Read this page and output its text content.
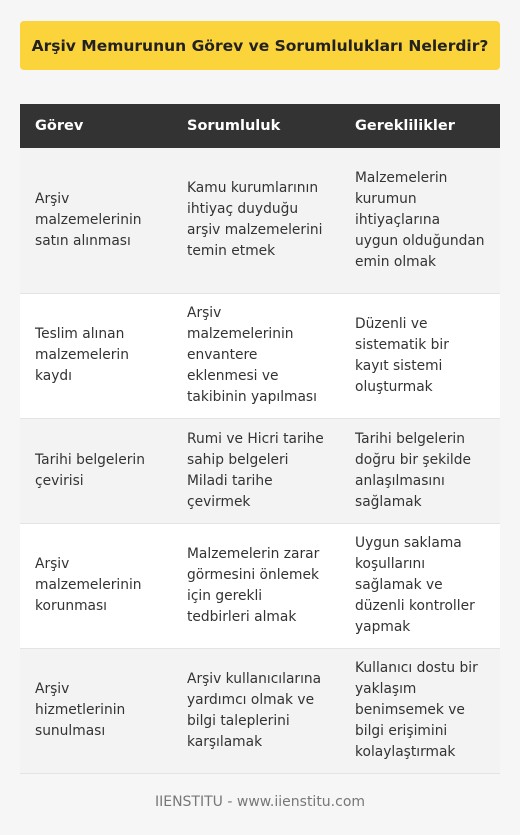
Arşiv Memurunun Görev ve Sorumlulukları Nelerdir?
Görev	Sorumluluk	Gereklilikler
Arşiv malzemelerinin satın alınması	Kamu kurumlarının ihtiyaç duyduğu arşiv malzemelerini temin etmek	Malzemelerin kurumun ihtiyaçlarına uygun olduğundan emin olmak
Teslim alınan malzemelerin kaydı	Arşiv malzemelerinin envantere eklenmesi ve takibinin yapılması	Düzenli ve sistematik bir kayıt sistemi oluşturmak
Tarihi belgelerin çevirisi	Rumi ve Hicri tarihe sahip belgeleri Miladi tarihe çevirmek	Tarihi belgelerin doğru bir şekilde anlaşılmasını sağlamak
Arşiv malzemelerinin korunması	Malzemelerin zarar görmesini önlemek için gerekli tedbirleri almak	Uygun saklama koşullarını sağlamak ve düzenli kontroller yapmak
Arşiv hizmetlerinin sunulması	Arşiv kullanıcılarına yardımcı olmak ve bilgi taleplerini karşılamak	Kullanıcı dostu bir yaklaşım benimsemek ve bilgi erişimini kolaylaştırmak
IIENSTITU - www.iienstitu.com
